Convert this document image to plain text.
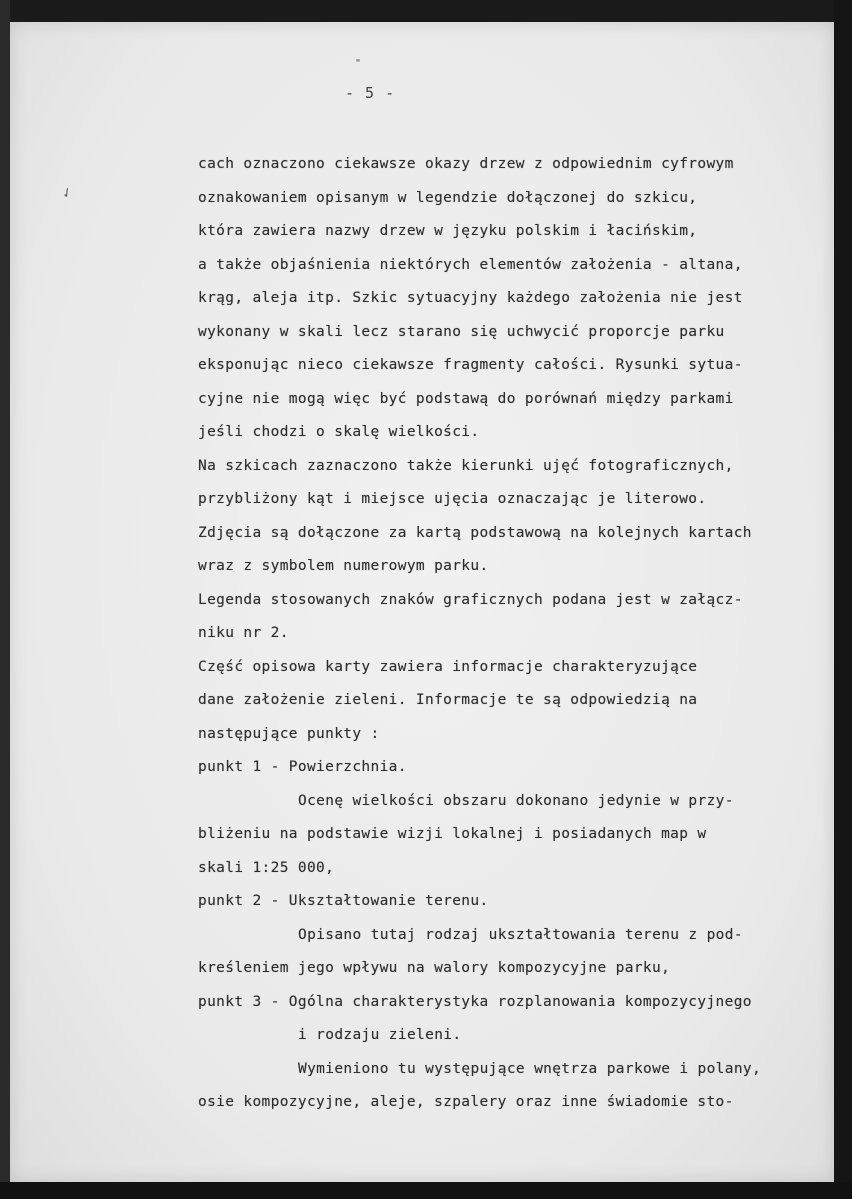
"
- 5 -
✓
cach oznaczono ciekawsze okazy drzew z odpowiednim cyfrowym
oznakowaniem opisanym w legendzie dołączonej do szkicu,
która zawiera nazwy drzew w języku polskim i łacińskim,
a także objaśnienia niektórych elementów założenia - altana,
krąg, aleja itp. Szkic sytuacyjny każdego założenia nie jest
wykonany w skali lecz starano się uchwycić proporcje parku
eksponując nieco ciekawsze fragmenty całości. Rysunki sytua-
cyjne nie mogą więc być podstawą do porównań między parkami
jeśli chodzi o skalę wielkości.
Na szkicach zaznaczono także kierunki ujęć fotograficznych,
przybliżony kąt i miejsce ujęcia oznaczając je literowo.
Zdjęcia są dołączone za kartą podstawową na kolejnych kartach
wraz z symbolem numerowym parku.
Legenda stosowanych znaków graficznych podana jest w załącz-
niku nr 2.
Część opisowa karty zawiera informacje charakteryzujące
dane założenie zieleni. Informacje te są odpowiedzią na
następujące punkty :
punkt 1 - Powierzchnia.
Ocenę wielkości obszaru dokonano jedynie w przy-
bliżeniu na podstawie wizji lokalnej i posiadanych map w
skali 1:25 000,
punkt 2 - Ukształtowanie terenu.
Opisano tutaj rodzaj ukształtowania terenu z pod-
kreśleniem jego wpływu na walory kompozycyjne parku,
punkt 3 - Ogólna charakterystyka rozplanowania kompozycyjnego
i rodzaju zieleni.
Wymieniono tu występujące wnętrza parkowe i polany,
osie kompozycyjne, aleje, szpalery oraz inne świadomie sto-
